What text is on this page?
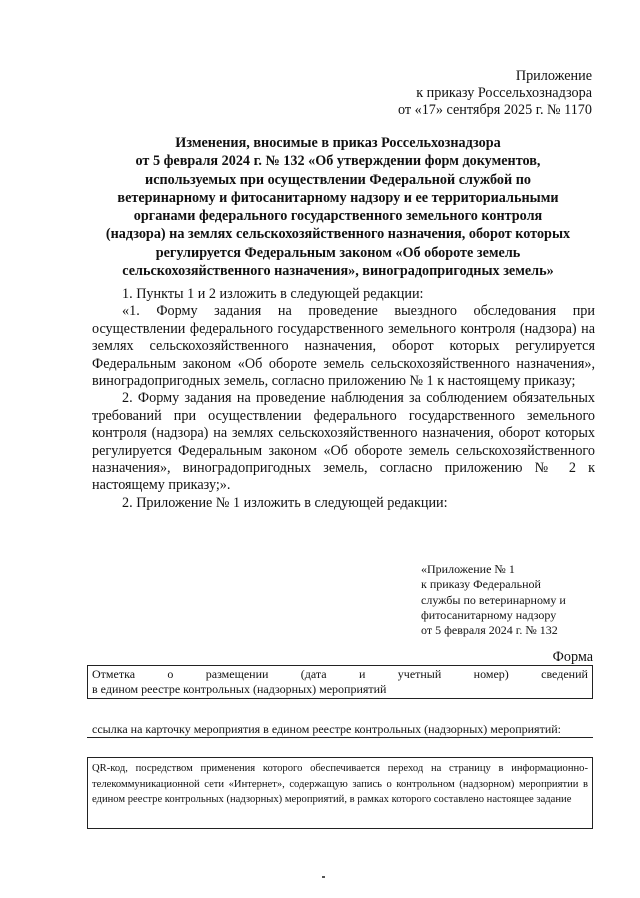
Приложение
к приказу Россельхознадзора
от «17» сентября 2025 г. № 1170
Изменения, вносимые в приказ Россельхознадзора
от 5 февраля 2024 г. № 132 «Об утверждении форм документов,
используемых при осуществлении Федеральной службой по
ветеринарному и фитосанитарному надзору и ее территориальными
органами федерального государственного земельного контроля
(надзора) на землях сельскохозяйственного назначения, оборот которых
регулируется Федеральным законом «Об обороте земель
сельскохозяйственного назначения», виноградопригодных земель»

1. Пункты 1 и 2 изложить в следующей редакции:

«1. Форму задания на проведение выездного обследования при осуществлении федерального государственного земельного контроля (надзора) на землях сельскохозяйственного назначения, оборот которых регулируется Федеральным законом «Об обороте земель сельскохозяйственного назначения», виноградопригодных земель, согласно приложению № 1 к настоящему приказу;

2. Форму задания на проведение наблюдения за соблюдением обязательных требований при осуществлении федерального государственного земельного контроля (надзора) на землях сельскохозяйственного назначения, оборот которых регулируется Федеральным законом «Об обороте земель сельскохозяйственного назначения», виноградопригодных земель, согласно приложению № 2 к настоящему приказу;».

2. Приложение № 1 изложить в следующей редакции:

«Приложение № 1
к приказу Федеральной
службы по ветеринарному и
фитосанитарному надзору
от 5 февраля 2024 г. № 132
Форма
Отметка	о	размещении	(дата	и	учетный	номер)	сведений
в едином реестре контрольных (надзорных) мероприятий
ссылка на карточку мероприятия в едином реестре контрольных (надзорных) мероприятий:

QR-код, посредством применения которого обеспечивается переход на страницу в информационно-телекоммуникационной сети «Интернет», содержащую запись о контрольном (надзорном) мероприятии в едином реестре контрольных (надзорных) мероприятий, в рамках которого составлено настоящее задание
